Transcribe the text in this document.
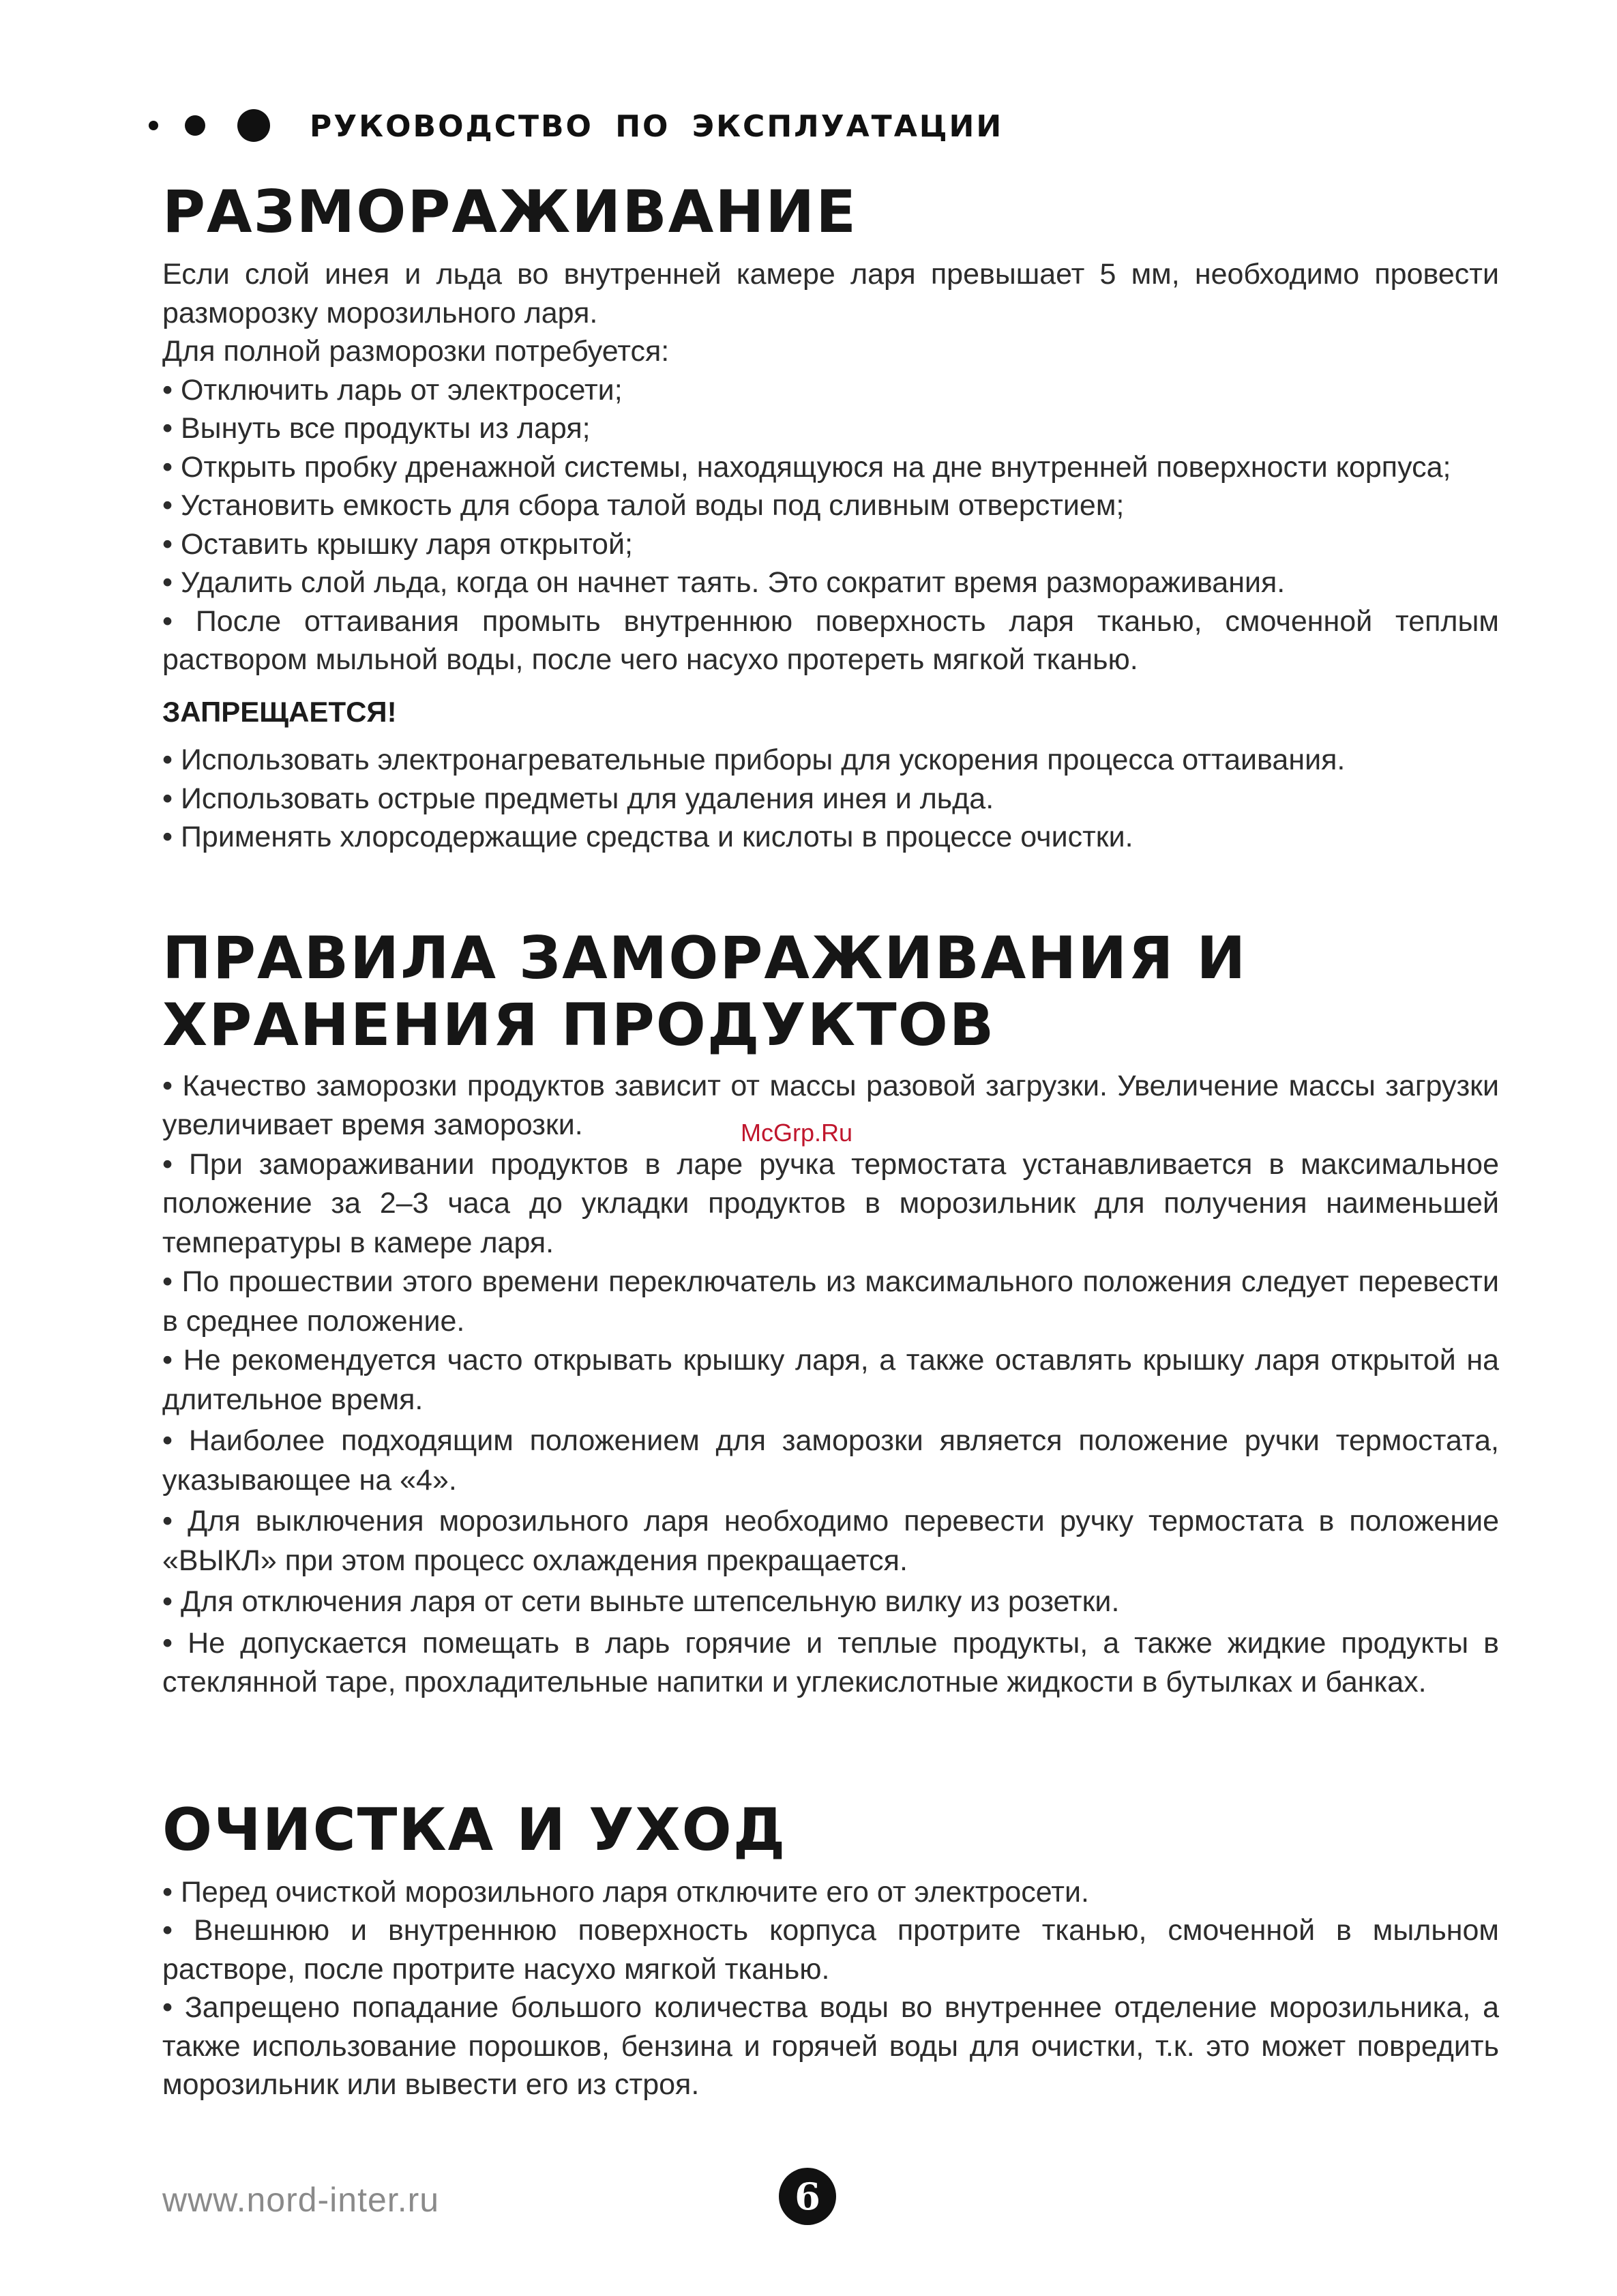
РУКОВОДСТВО ПО ЭКСПЛУАТАЦИИ
РАЗМОРАЖИВАНИЕ

Если слой инея и льда во внутренней камере ларя превышает 5 мм, необходимо провести разморозку морозильного ларя.

Для полной разморозки потребуется:

• Отключить ларь от электросети;

• Вынуть все продукты из ларя;

• Открыть пробку дренажной системы, находящуюся на дне внутренней поверхности корпуса;

• Установить емкость для сбора талой воды под сливным отверстием;

• Оставить крышку ларя открытой;

• Удалить слой льда, когда он начнет таять. Это сократит время размораживания.

• После оттаивания промыть внутреннюю поверхность ларя тканью, смоченной теплым раствором мыльной воды, после чего насухо протереть мягкой тканью.

ЗАПРЕЩАЕТСЯ!

• Использовать электронагревательные приборы для ускорения процесса оттаивания.

• Использовать острые предметы для удаления инея и льда.

• Применять хлорсодержащие средства и кислоты в процессе очистки.

ПРАВИЛА ЗАМОРАЖИВАНИЯ И ХРАНЕНИЯ ПРОДУКТОВ

• Качество заморозки продуктов зависит от массы разовой загрузки. Увеличение массы загрузки увеличивает время заморозки.

• При замораживании продуктов в ларе ручка термостата устанавливается в максимальное положение за 2–3 часа до укладки продуктов в морозильник для получения наименьшей температуры в камере ларя.

• По прошествии этого времени переключатель из максимального положения следует перевести в среднее положение.

• Не рекомендуется часто открывать крышку ларя, а также оставлять крышку ларя открытой на длительное время.

• Наиболее подходящим положением для заморозки является положение ручки термостата, указывающее на «4».

• Для выключения морозильного ларя необходимо перевести ручку термостата в положение «ВЫКЛ» при этом процесс охлаждения прекращается.

• Для отключения ларя от сети выньте штепсельную вилку из розетки.

• Не допускается помещать в ларь горячие и теплые продукты, а также жидкие продукты в стеклянной таре, прохладительные напитки и углекислотные жидкости в бутылках и банках.

ОЧИСТКА И УХОД

• Перед очисткой морозильного ларя отключите его от электросети.

• Внешнюю и внутреннюю поверхность корпуса протрите тканью, смоченной в мыльном растворе, после протрите насухо мягкой тканью.

• Запрещено попадание большого количества воды во внутреннее отделение морозильника, а также использование порошков, бензина и горячей воды для очистки, т.к. это может повредить морозильник или вывести его из строя.

McGrp.Ru
www.nord-inter.ru	6
